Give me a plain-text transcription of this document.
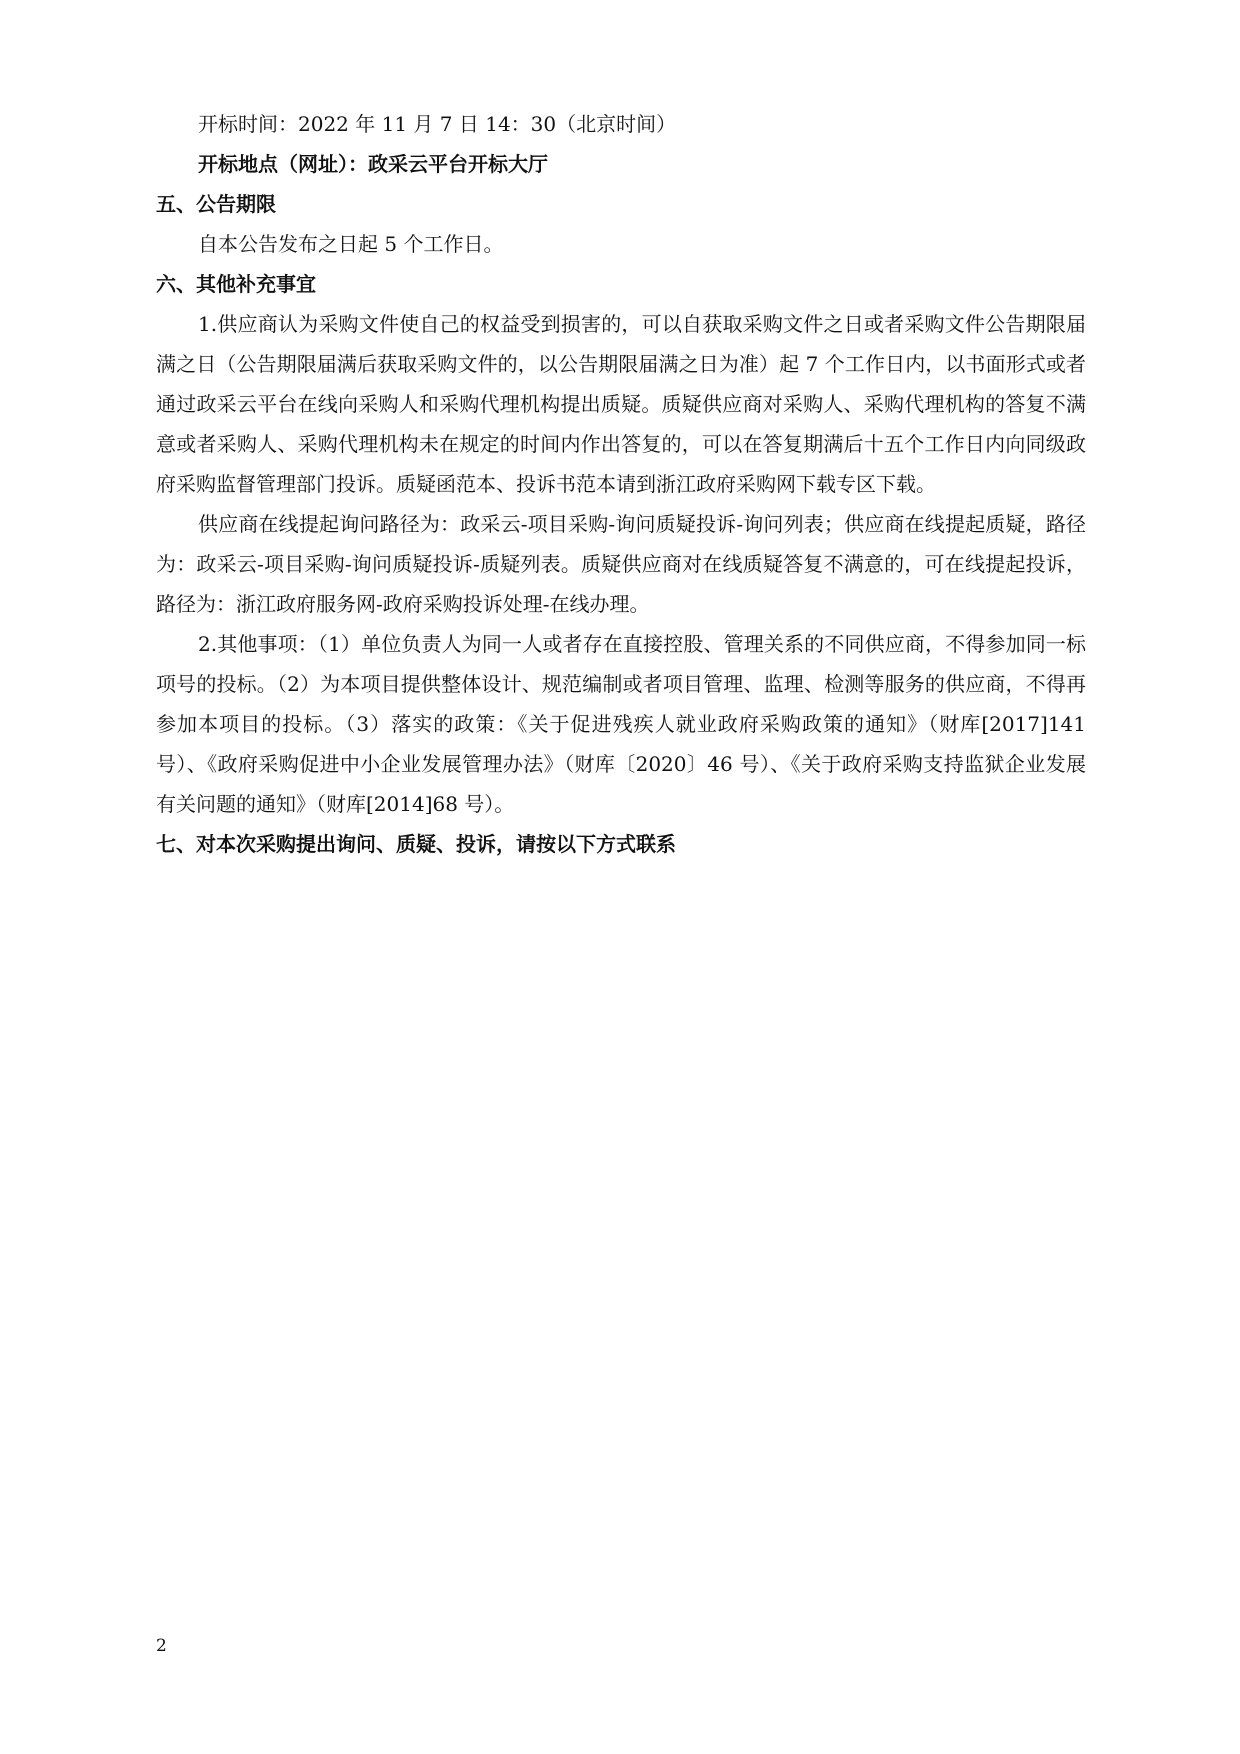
开标时间：2022 年 11 月 7 日 14：30（北京时间）

开标地点（网址）：政采云平台开标大厅

五、公告期限

自本公告发布之日起 5 个工作日。

六、其他补充事宜

1.供应商认为采购文件使自己的权益受到损害的，可以自获取采购文件之日或者采购文件公告期限届满之日（公告期限届满后获取采购文件的，以公告期限届满之日为准）起 7 个工作日内，以书面形式或者通过政采云平台在线向采购人和采购代理机构提出质疑。质疑供应商对采购人、采购代理机构的答复不满意或者采购人、采购代理机构未在规定的时间内作出答复的，可以在答复期满后十五个工作日内向同级政府采购监督管理部门投诉。质疑函范本、投诉书范本请到浙江政府采购网下载专区下载。

供应商在线提起询问路径为：政采云-项目采购-询问质疑投诉-询问列表；供应商在线提起质疑，路径为：政采云-项目采购-询问质疑投诉-质疑列表。质疑供应商对在线质疑答复不满意的，可在线提起投诉，路径为：浙江政府服务网-政府采购投诉处理-在线办理。

2.其他事项：（1）单位负责人为同一人或者存在直接控股、管理关系的不同供应商，不得参加同一标项号的投标。（2）为本项目提供整体设计、规范编制或者项目管理、监理、检测等服务的供应商，不得再参加本项目的投标。（3）落实的政策：《关于促进残疾人就业政府采购政策的通知》（财库[2017]141 号）、《政府采购促进中小企业发展管理办法》（财库〔2020〕46 号）、《关于政府采购支持监狱企业发展有关问题的通知》（财库[2014]68 号）。

七、对本次采购提出询问、质疑、投诉，请按以下方式联系

2
